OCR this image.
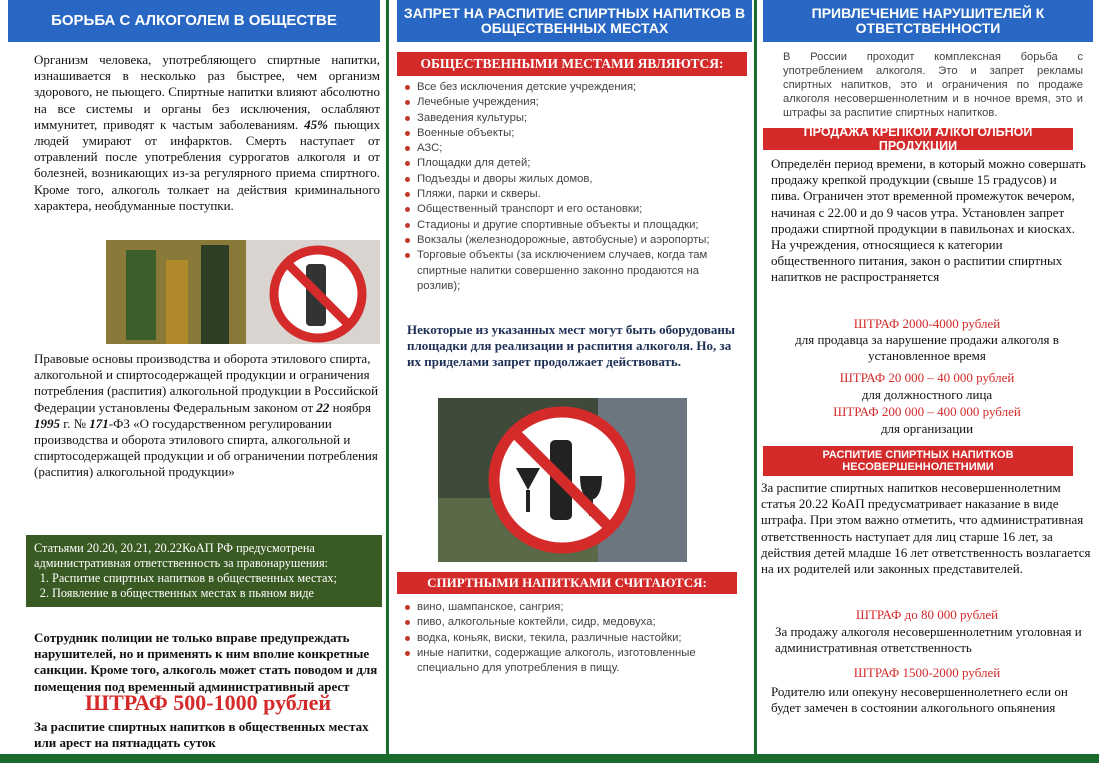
БОРЬБА С АЛКОГОЛЕМ В ОБЩЕСТВЕ
Организм человека, употребляющего спиртные напитки, изнашивается в несколько раз быстрее, чем организм здорового, не пьющего. Спиртные напитки влияют абсолютно на все системы и органы без исключения, ослабляют иммунитет, приводят к частым заболеваниям. 45% пьющих людей умирают от инфарктов. Смерть наступает от отравлений после употребления суррогатов алкоголя и от болезней, возникающих из-за регулярного приема спиртного. Кроме того, алкоголь толкает на действия криминального характера, необдуманные поступки.
Правовые основы производства и оборота этилового спирта, алкогольной и спиртосодержащей продукции и ограничения потребления (распития) алкогольной продукции в Российской Федерации установлены Федеральным законом от 22 ноября 1995 г. № 171-ФЗ «О государственном регулировании производства и оборота этилового спирта, алкогольной и спиртосодержащей продукции и об ограничении потребления (распития) алкогольной продукции»
Статьями 20.20, 20.21, 20.22КоАП РФ предусмотрена административная ответственность за правонарушения:
1. Распитие спиртных напитков в общественных местах;
2. Появление в общественных местах в пьяном виде
Сотрудник полиции не только вправе предупреждать нарушителей, но и применять к ним вполне конкретные санкции. Кроме того, алкоголь может стать поводом и для помещения под временный административный арест
ШТРАФ 500-1000 рублей
За распитие спиртных напитков в общественных местах или арест на пятнадцать суток
ЗАПРЕТ НА РАСПИТИЕ СПИРТНЫХ НАПИТКОВ В ОБЩЕСТВЕННЫХ МЕСТАХ
ОБЩЕСТВЕННЫМИ МЕСТАМИ ЯВЛЯЮТСЯ:
Все без исключения детские учреждения;
Лечебные учреждения;
Заведения культуры;
Военные объекты;
АЗС;
Площадки для детей;
Подъезды и дворы жилых домов,
Пляжи, парки и скверы.
Общественный транспорт и его остановки;
Стадионы и другие спортивные объекты и площадки;
Вокзалы (железнодорожные, автобусные) и аэропорты;
Торговые объекты (за исключением случаев, когда там спиртные напитки совершенно законно продаются на розлив);
Некоторые из указанных мест могут быть оборудованы площадки для реализации и распития алкоголя. Но, за их приделами запрет продолжает действовать.
СПИРТНЫМИ НАПИТКАМИ СЧИТАЮТСЯ:
вино, шампанское, сангрия;
пиво, алкогольные коктейли, сидр, медовуха;
водка, коньяк, виски, текила, различные настойки;
иные напитки, содержащие алкоголь, изготовленные специально для употребления в пищу.
ПРИВЛЕЧЕНИЕ НАРУШИТЕЛЕЙ К ОТВЕТСТВЕННОСТИ
В России проходит комплексная борьба с употреблением алкоголя. Это и запрет рекламы спиртных напитков, это и ограничения по продаже алкоголя несовершеннолетним и в ночное время, это и штрафы за распитие спиртных напитков.
ПРОДАЖА КРЕПКОЙ АЛКОГОЛЬНОЙ ПРОДУКЦИИ
Определён период времени, в который можно совершать продажу крепкой продукции (свыше 15 градусов) и пива. Ограничен этот временной промежуток вечером, начиная с 22.00 и до 9 часов утра. Установлен запрет продажи спиртной продукции в павильонах и киосках. На учреждения, относящиеся к категории общественного питания, закон о распитии спиртных напитков не распространяется
ШТРАФ 2000-4000 рублей
для продавца за нарушение продажи алкоголя в установленное время
ШТРАФ 20 000 – 40 000 рублей
для должностного лица
ШТРАФ 200 000 – 400 000 рублей
для организации
РАСПИТИЕ СПИРТНЫХ НАПИТКОВ НЕСОВЕРШЕННОЛЕТНИМИ
За распитие спиртных напитков несовершеннолетним статья 20.22 КоАП предусматривает наказание в виде штрафа. При этом важно отметить, что административная ответственность наступает для лиц старше 16 лет, за действия детей младше 16 лет ответственность возлагается на их родителей или законных представителей.
ШТРАФ до 80 000 рублей
За продажу алкоголя несовершеннолетним уголовная и административная ответственность
ШТРАФ 1500-2000 рублей
Родителю или опекуну несовершеннолетнего если он будет замечен в состоянии алкогольного опьянения
